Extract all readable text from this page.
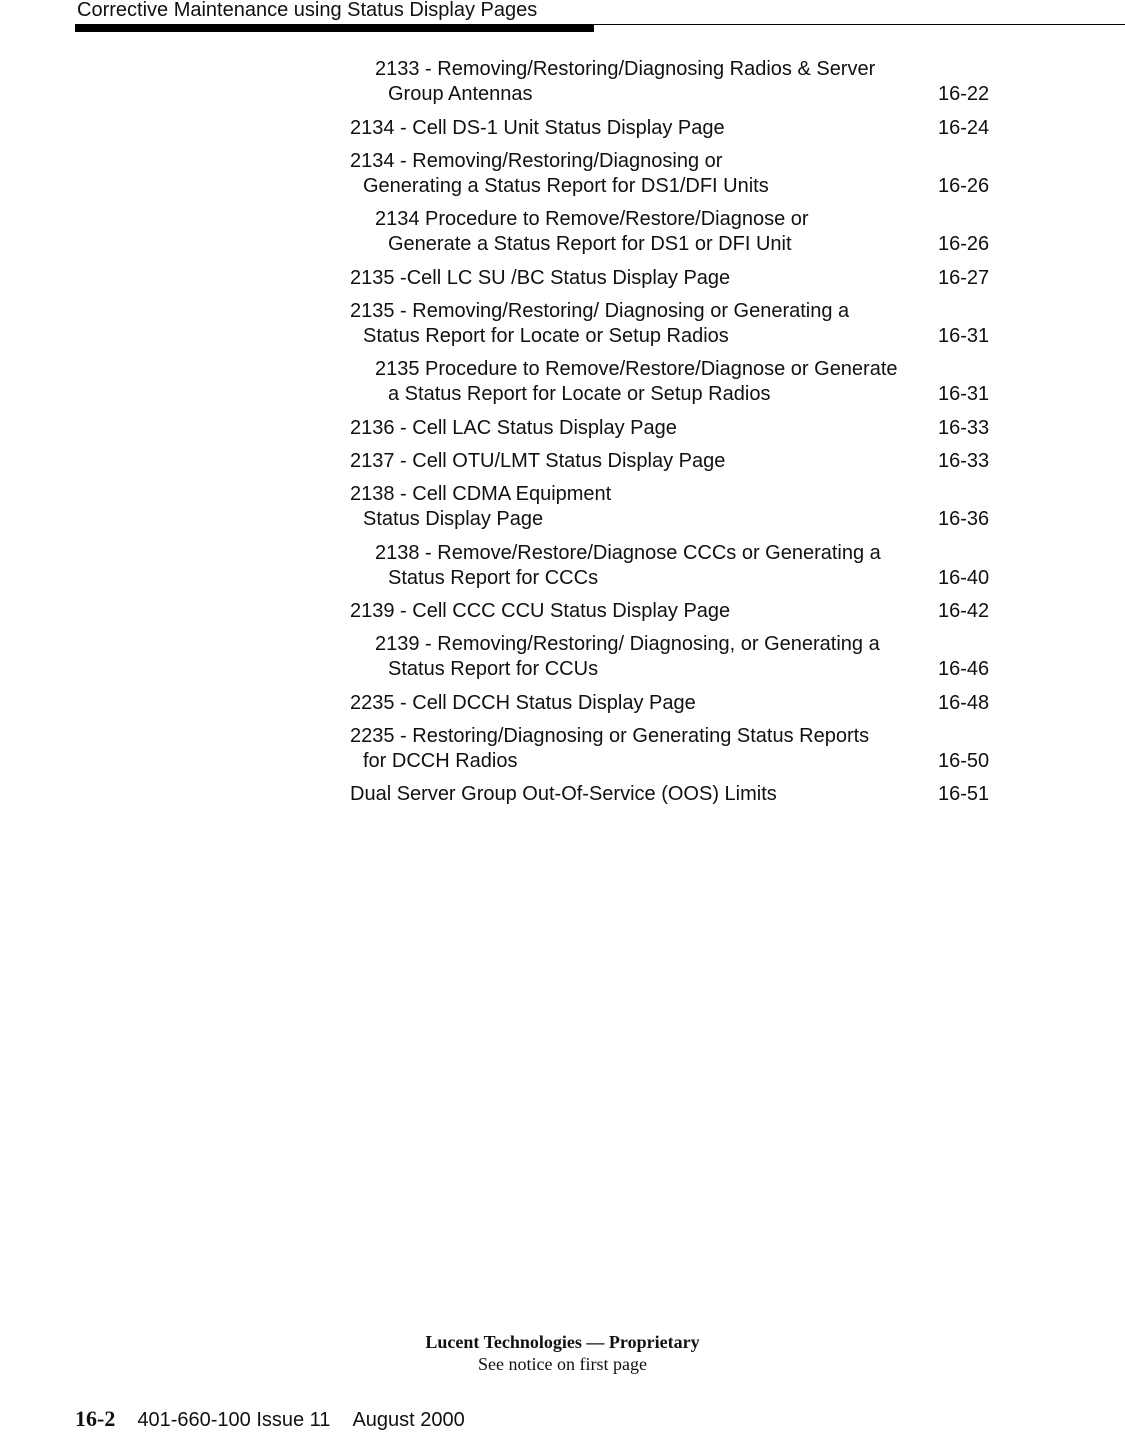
Corrective Maintenance using Status Display Pages
2133 - Removing/Restoring/Diagnosing Radios & Server
Group Antennas	16-22
2134 - Cell DS-1 Unit Status Display Page	16-24
2134 - Removing/Restoring/Diagnosing or
Generating a Status Report for DS1/DFI Units	16-26
2134 Procedure to Remove/Restore/Diagnose or
Generate a Status Report for DS1 or DFI Unit	16-26
2135 -Cell LC SU /BC Status Display Page	16-27
2135 - Removing/Restoring/ Diagnosing or Generating a
Status Report for Locate or Setup Radios	16-31
2135 Procedure to Remove/Restore/Diagnose or Generate
a Status Report for Locate or Setup Radios	16-31
2136 - Cell LAC Status Display Page	16-33
2137 - Cell OTU/LMT Status Display Page	16-33
2138 - Cell CDMA Equipment
Status Display Page	16-36
2138 - Remove/Restore/Diagnose CCCs or Generating a
Status Report for CCCs	16-40
2139 - Cell CCC CCU Status Display Page	16-42
2139 - Removing/Restoring/ Diagnosing, or Generating a
Status Report for CCUs	16-46
2235 - Cell DCCH Status Display Page	16-48
2235 - Restoring/Diagnosing or Generating Status Reports
for DCCH Radios	16-50
Dual Server Group Out-Of-Service (OOS) Limits	16-51
Lucent Technologies — Proprietary
See notice on first page
16-2 401-660-100 Issue 11 August 2000
